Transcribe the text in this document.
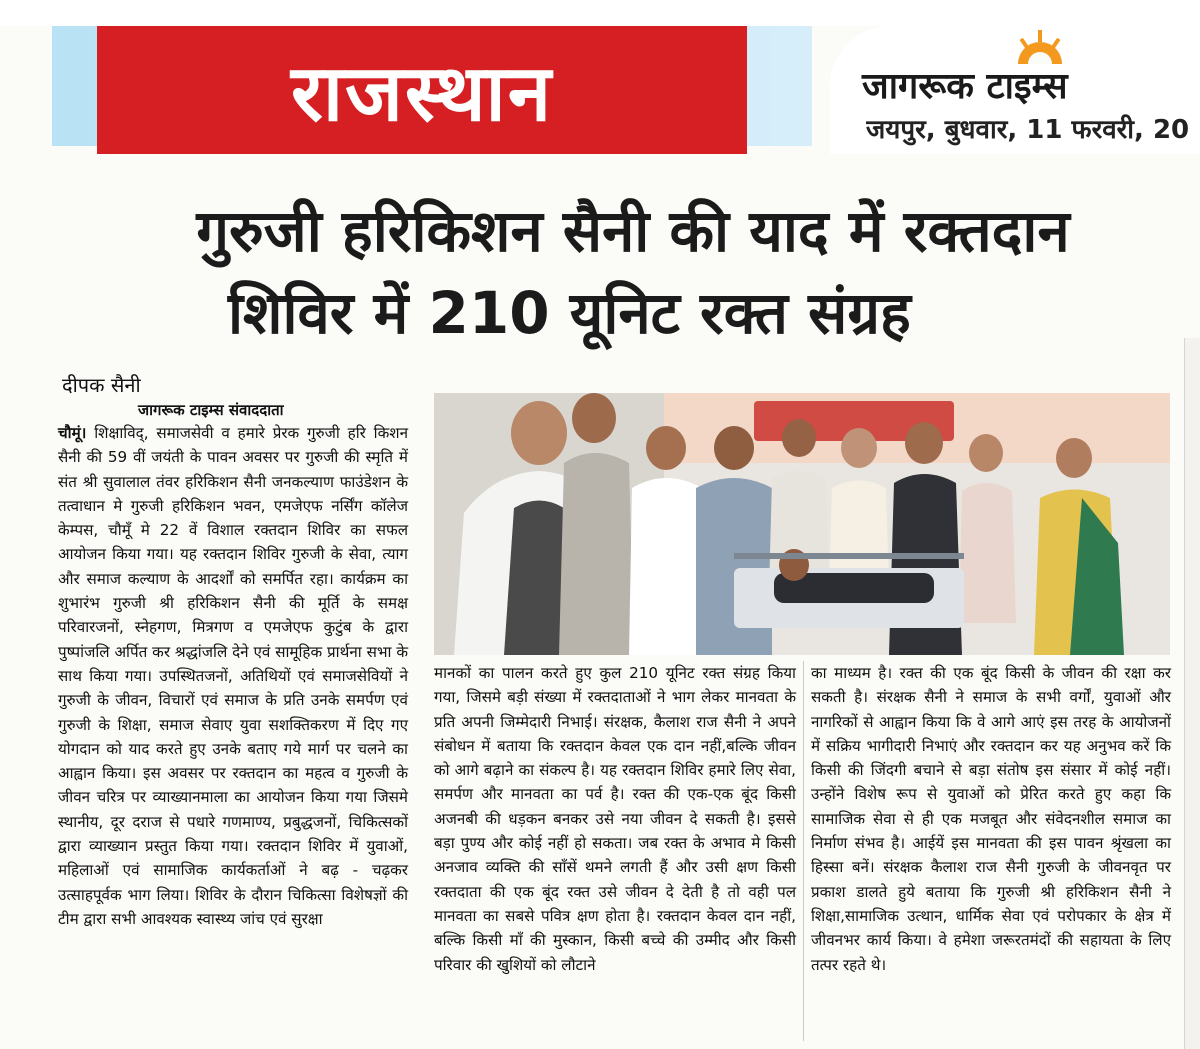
राजस्थान	जागरूक टाइम्स
जयपुर, बुधवार, 11 फरवरी, 20
गुरुजी हरिकिशन सैनी की याद में रक्तदान
शिविर में 210 यूनिट रक्त संग्रह
दीपक सैनी
जागरूक टाइम्स संवाददाता
चौमूं। शिक्षाविद्, समाजसेवी व हमारे प्रेरक गुरुजी हरि किशन सैनी की 59 वीं जयंती के पावन अवसर पर गुरुजी की स्मृति में संत श्री सुवालाल तंवर हरिकिशन सैनी जनकल्याण फाउंडेशन के तत्वाधान मे गुरुजी हरिकिशन भवन, एमजेएफ नर्सिंग कॉलेज केम्पस, चौमूँ मे 22 वें विशाल रक्तदान शिविर का सफल आयोजन किया गया। यह रक्तदान शिविर गुरुजी के सेवा, त्याग और समाज कल्याण के आदर्शों को समर्पित रहा। कार्यक्रम का शुभारंभ गुरुजी श्री हरिकिशन सैनी की मूर्ति के समक्ष परिवारजनों, स्नेहगण, मित्रगण व एमजेएफ कुटुंब के द्वारा पुष्पांजलि अर्पित कर श्रद्धांजलि देने एवं सामूहिक प्रार्थना सभा के साथ किया गया। उपस्थितजनों, अतिथियों एवं समाजसेवियों ने गुरुजी के जीवन, विचारों एवं समाज के प्रति उनके समर्पण एवं गुरुजी के शिक्षा, समाज सेवाए युवा सशक्तिकरण में दिए गए योगदान को याद करते हुए उनके बताए गये मार्ग पर चलने का आह्वान किया। इस अवसर पर रक्तदान का महत्व व गुरुजी के जीवन चरित्र पर व्याख्यानमाला का आयोजन किया गया जिसमे स्थानीय, दूर दराज से पधारे गणमाण्य, प्रबुद्धजनों, चिकित्सकों द्वारा व्याख्यान प्रस्तुत किया गया। रक्तदान शिविर में युवाओं, महिलाओं एवं सामाजिक कार्यकर्ताओं ने बढ़ - चढ़कर उत्साहपूर्वक भाग लिया। शिविर के दौरान चिकित्सा विशेषज्ञों की टीम द्वारा सभी आवश्यक स्वास्थ्य जांच एवं सुरक्षा
मानकों का पालन करते हुए कुल 210 यूनिट रक्त संग्रह किया गया, जिसमे बड़ी संख्या में रक्तदाताओं ने भाग लेकर मानवता के प्रति अपनी जिम्मेदारी निभाई। संरक्षक, कैलाश राज सैनी ने अपने संबोधन में बताया कि रक्तदान केवल एक दान नहीं,बल्कि जीवन को आगे बढ़ाने का संकल्प है। यह रक्तदान शिविर हमारे लिए सेवा, समर्पण और मानवता का पर्व है। रक्त की एक-एक बूंद किसी अजनबी की धड़कन बनकर उसे नया जीवन दे सकती है। इससे बड़ा पुण्य और कोई नहीं हो सकता। जब रक्त के अभाव मे किसी अनजाव व्यक्ति की साँसें थमने लगती हैं और उसी क्षण किसी रक्तदाता की एक बूंद रक्त उसे जीवन दे देती है तो वही पल मानवता का सबसे पवित्र क्षण होता है। रक्तदान केवल दान नहीं, बल्कि किसी माँ की मुस्कान, किसी बच्चे की उम्मीद और किसी परिवार की खुशियों को लौटाने
का माध्यम है। रक्त की एक बूंद किसी के जीवन की रक्षा कर सकती है। संरक्षक सैनी ने समाज के सभी वर्गों, युवाओं और नागरिकों से आह्वान किया कि वे आगे आएं इस तरह के आयोजनों में सक्रिय भागीदारी निभाएं और रक्तदान कर यह अनुभव करें कि किसी की जिंदगी बचाने से बड़ा संतोष इस संसार में कोई नहीं। उन्होंने विशेष रूप से युवाओं को प्रेरित करते हुए कहा कि सामाजिक सेवा से ही एक मजबूत और संवेदनशील समाज का निर्माण संभव है। आईयें इस मानवता की इस पावन श्रृंखला का हिस्सा बनें। संरक्षक कैलाश राज सैनी गुरुजी के जीवनवृत पर प्रकाश डालते हुये बताया कि गुरुजी श्री हरिकिशन सैनी ने शिक्षा,सामाजिक उत्थान, धार्मिक सेवा एवं परोपकार के क्षेत्र में जीवनभर कार्य किया। वे हमेशा जरूरतमंदों की सहायता के लिए तत्पर रहते थे।
